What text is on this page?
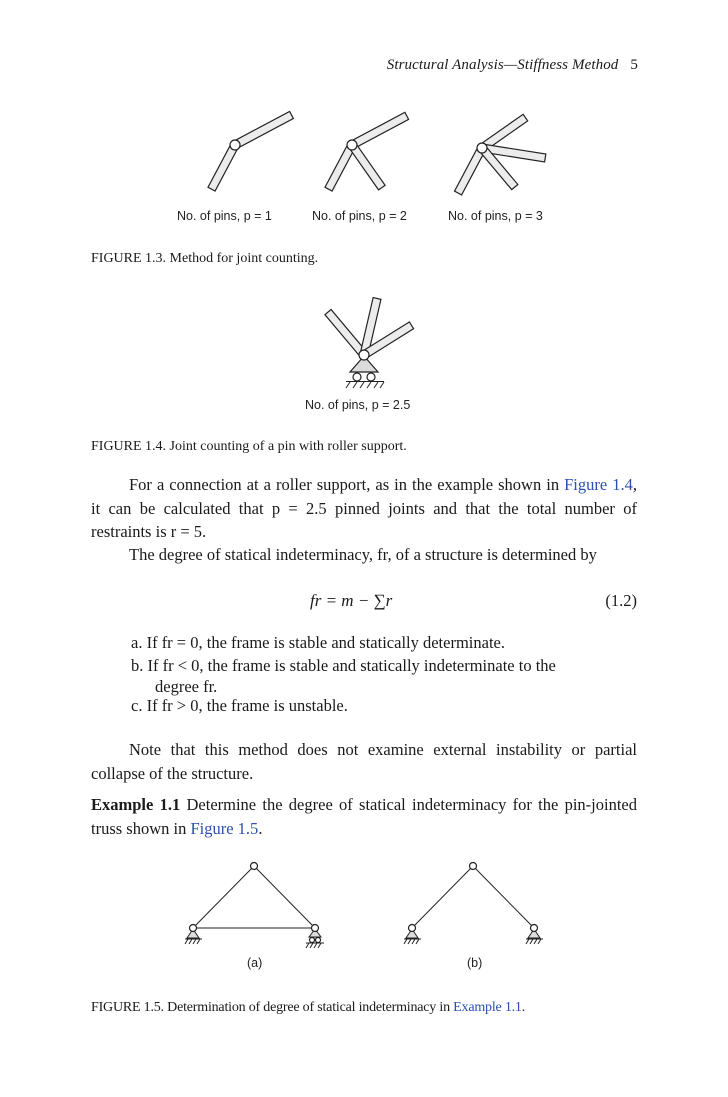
Structural Analysis—Stiffness Method 5
No. of pins, p = 1	No. of pins, p = 2	No. of pins, p = 3
FIGURE 1.3. Method for joint counting.
No. of pins, p = 2.5
FIGURE 1.4. Joint counting of a pin with roller support.
For a connection at a roller support, as in the example shown in Figure 1.4, it can be calculated that p = 2.5 pinned joints and that the total number of restraints is r = 5.
The degree of statical indeterminacy, fr, of a structure is determined by
fr = m − ∑r	(1.2)
a. If fr = 0, the frame is stable and statically determinate.
b. If fr < 0, the frame is stable and statically indeterminate to the
degree fr.
c. If fr > 0, the frame is unstable.
Note that this method does not examine external instability or partial collapse of the structure.
Example 1.1 Determine the degree of statical indeterminacy for the pin-jointed truss shown in Figure 1.5.
(a)	(b)
FIGURE 1.5. Determination of degree of statical indeterminacy in Example 1.1.
